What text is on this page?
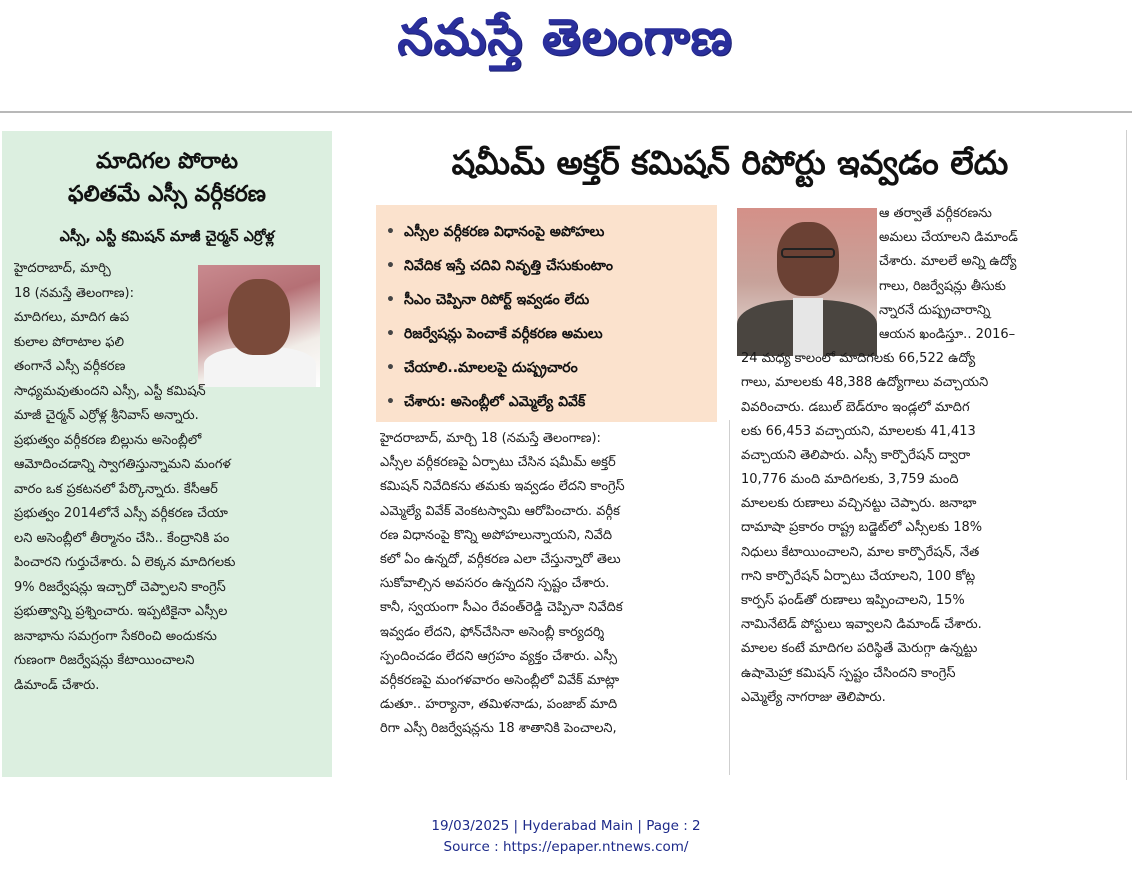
నమస్తే తెలంగాణ
మాదిగల పోరాట
ఫలితమే ఎస్సీ వర్గీకరణ
ఎస్సీ, ఎస్టీ కమిషన్ మాజీ చైర్మన్ ఎర్రోళ్ల
హైదరాబాద్, మార్చి
18 (నమస్తే తెలంగాణ):
మాదిగలు, మాదిగ ఉప
కులాల పోరాటాల ఫలి
తంగానే ఎస్సీ వర్గీకరణ
సాధ్యమవుతుందని ఎస్సీ, ఎస్టీ కమిషన్
మాజీ చైర్మన్ ఎర్రోళ్ల శ్రీనివాస్ అన్నారు.
ప్రభుత్వం వర్గీకరణ బిల్లును అసెంబ్లీలో
ఆమోదించడాన్ని స్వాగతిస్తున్నామని మంగళ
వారం ఒక ప్రకటనలో పేర్కొన్నారు. కేసీఆర్
ప్రభుత్వం 2014లోనే ఎస్సీ వర్గీకరణ చేయా
లని అసెంబ్లీలో తీర్మానం చేసి.. కేంద్రానికి పం
పించారని గుర్తుచేశారు. ఏ లెక్కన మాదిగలకు
9% రిజర్వేషన్లు ఇచ్చారో చెప్పాలని కాంగ్రెస్
ప్రభుత్వాన్ని ప్రశ్నించారు. ఇప్పటికైనా ఎస్సీల
జనాభాను సమగ్రంగా సేకరించి అందుకను
గుణంగా రిజర్వేషన్లు కేటాయించాలని
డిమాండ్ చేశారు.
షమీమ్ అక్తర్ కమిషన్ రిపోర్టు ఇవ్వడం లేదు
• ఎస్సీల వర్గీకరణ విధానంపై అపోహలు
• నివేదిక ఇస్తే చదివి నివృత్తి చేసుకుంటాం
• సీఎం చెప్పినా రిపోర్ట్ ఇవ్వడం లేదు
• రిజర్వేషన్లు పెంచాకే వర్గీకరణ అమలు
• చేయాలి..మాలలపై దుష్ప్రచారం
• చేశారు: అసెంబ్లీలో ఎమ్మెల్యే వివేక్
హైదరాబాద్, మార్చి 18 (నమస్తే తెలంగాణ):
ఎస్సీల వర్గీకరణపై ఏర్పాటు చేసిన షమీమ్ అక్తర్
కమిషన్ నివేదికను తమకు ఇవ్వడం లేదని కాంగ్రెస్
ఎమ్మెల్యే వివేక్ వెంకటస్వామి ఆరోపించారు. వర్గీక
రణ విధానంపై కొన్ని అపోహలున్నాయని, నివేది
కలో ఏం ఉన్నదో, వర్గీకరణ ఎలా చేస్తున్నారో తెలు
సుకోవాల్సిన అవసరం ఉన్నదని స్పష్టం చేశారు.
కానీ, స్వయంగా సీఎం రేవంత్‌రెడ్డి చెప్పినా నివేదిక
ఇవ్వడం లేదని, ఫోన్‌చేసినా అసెంబ్లీ కార్యదర్శి
స్పందించడం లేదని ఆగ్రహం వ్యక్తం చేశారు. ఎస్సీ
వర్గీకరణపై మంగళవారం అసెంబ్లీలో వివేక్ మాట్లా
డుతూ.. హర్యానా, తమిళనాడు, పంజాబ్ మాది
రిగా ఎస్సీ రిజర్వేషన్లను 18 శాతానికి పెంచాలని,
ఆ తర్వాతే వర్గీకరణను
అమలు చేయాలని డిమాండ్
చేశారు. మాలలే అన్ని ఉద్యో
గాలు, రిజర్వేషన్లు తీసుకు
న్నారనే దుష్ప్రచారాన్ని
ఆయన ఖండిస్తూ.. 2016–
24 మధ్య కాలంలో మాదిగలకు 66,522 ఉద్యో
గాలు, మాలలకు 48,388 ఉద్యోగాలు వచ్చాయని
వివరించారు. డబుల్ బెడ్‌రూం ఇండ్లలో మాదిగ
లకు 66,453 వచ్చాయని, మాలలకు 41,413
వచ్చాయని తెలిపారు. ఎస్సీ కార్పొరేషన్ ద్వారా
10,776 మంది మాదిగలకు, 3,759 మంది
మాలలకు రుణాలు వచ్చినట్టు చెప్పారు. జనాభా
దామాషా ప్రకారం రాష్ట్ర బడ్జెట్‌లో ఎస్సీలకు 18%
నిధులు కేటాయించాలని, మాల కార్పొరేషన్, నేత
గాని కార్పొరేషన్ ఏర్పాటు చేయాలని, 100 కోట్ల
కార్పస్ ఫండ్‌తో రుణాలు ఇప్పించాలని, 15%
నామినేటెడ్ పోస్టులు ఇవ్వాలని డిమాండ్ చేశారు.
మాలల కంటే మాదిగల పరిస్థితే మెరుగ్గా ఉన్నట్టు
ఉషామెహ్రా కమిషన్ స్పష్టం చేసిందని కాంగ్రెస్
ఎమ్మెల్యే నాగరాజు తెలిపారు.
19/03/2025 | Hyderabad Main | Page : 2
Source : https://epaper.ntnews.com/
